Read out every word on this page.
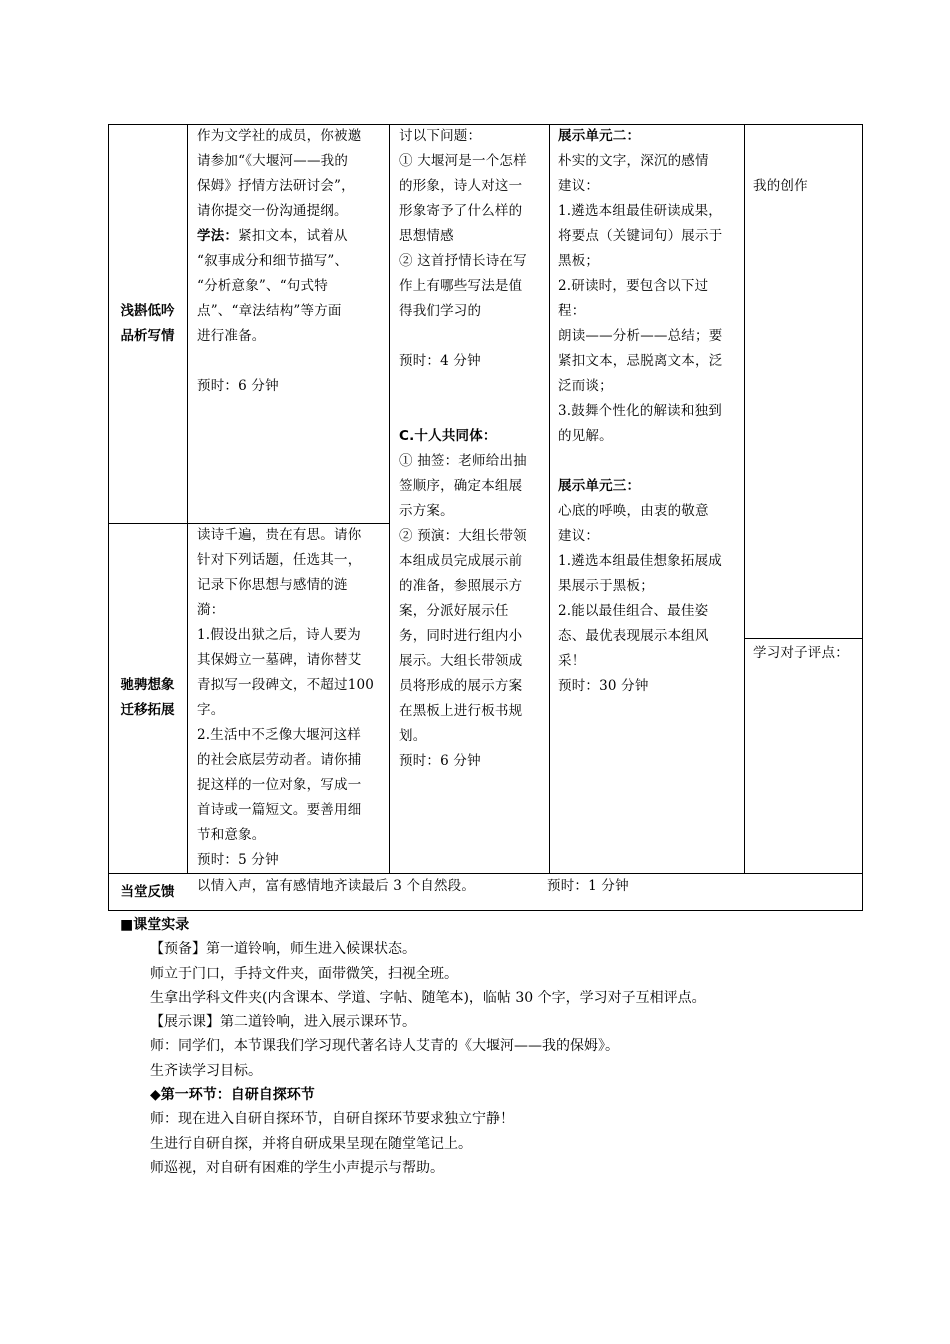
浅斟低吟
品析写情
驰骋想象
迁移拓展
当堂反馈

作为文学社的成员，你被邀

请参加“《大堰河——我的

保姆》抒情方法研讨会”，

请你提交一份沟通提纲。

学法：紧扣文本，试着从

“叙事成分和细节描写”、

“分析意象”、“句式特

点”、“章法结构”等方面

进行准备。

预时：6 分钟

读诗千遍，贵在有思。请你

针对下列话题，任选其一，

记录下你思想与感情的涟

漪：

1.假设出狱之后，诗人要为

其保姆立一墓碑，请你替艾

青拟写一段碑文，不超过100

字。

2.生活中不乏像大堰河这样

的社会底层劳动者。请你捕

捉这样的一位对象，写成一

首诗或一篇短文。要善用细

节和意象。

预时：5 分钟

讨以下问题：

① 大堰河是一个怎样

的形象，诗人对这一

形象寄予了什么样的

思想情感

② 这首抒情长诗在写

作上有哪些写法是值

得我们学习的

预时：4 分钟

C.十人共同体：

① 抽签：老师给出抽

签顺序，确定本组展

示方案。

② 预演：大组长带领

本组成员完成展示前

的准备，参照展示方

案，分派好展示任

务，同时进行组内小

展示。大组长带领成

员将形成的展示方案

在黑板上进行板书规

划。

预时：6 分钟

展示单元二：

朴实的文字，深沉的感情

建议：

1.遴选本组最佳研读成果，

将要点（关键词句）展示于

黑板；

2.研读时，要包含以下过

程：

朗读——分析——总结；要

紧扣文本，忌脱离文本，泛

泛而谈；

3.鼓舞个性化的解读和独到

的见解。

展示单元三：

心底的呼唤，由衷的敬意

建议：

1.遴选本组最佳想象拓展成

果展示于黑板；

2.能以最佳组合、最佳姿

态、最优表现展示本组风

采！

预时：30 分钟

我的创作

学习对子评点：

以情入声，富有感情地齐读最后 3 个自然段。	预时：1 分钟

■课堂实录

【预备】第一道铃响，师生进入候课状态。

师立于门口，手持文件夹，面带微笑，扫视全班。

生拿出学科文件夹(内含课本、学道、字帖、随笔本)，临帖 30 个字，学习对子互相评点。

【展示课】第二道铃响，进入展示课环节。

师：同学们，本节课我们学习现代著名诗人艾青的《大堰河——我的保姆》。

生齐读学习目标。

◆第一环节：自研自探环节

师：现在进入自研自探环节，自研自探环节要求独立宁静！

生进行自研自探，并将自研成果呈现在随堂笔记上。

师巡视，对自研有困难的学生小声提示与帮助。
